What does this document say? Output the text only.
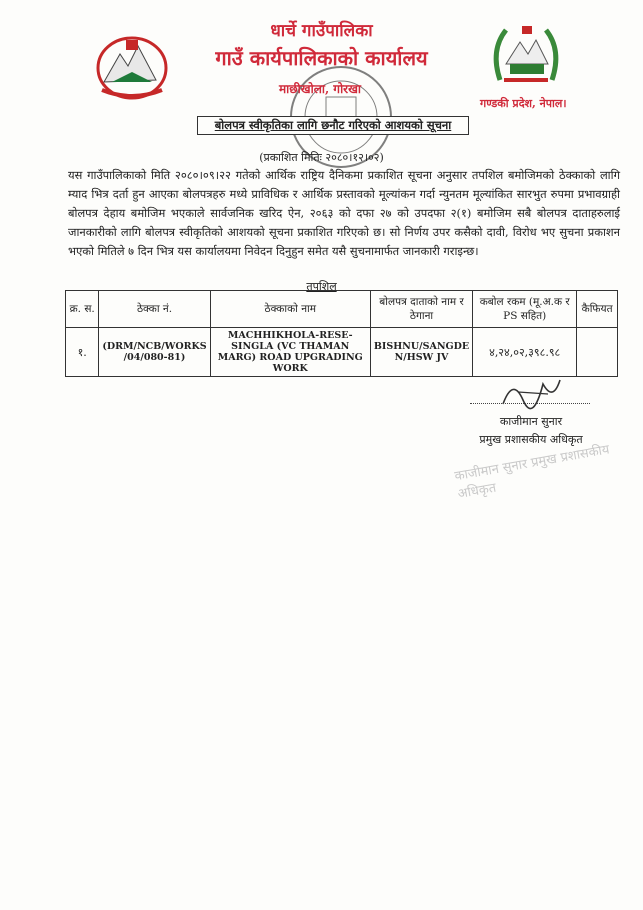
धार्चे गाउँपालिका
गाउँ कार्यपालिकाको कार्यालय
माछीखोला, गोरखा
गण्डकी प्रदेश, नेपाल।
बोलपत्र स्वीकृतिका लागि छनौट गरिएको आशयको सूचना
(प्रकाशित मितिः २०८०।१२।०२)
यस गाउँपालिकाको मिति २०८०।०९।२२ गतेको आर्थिक राष्ट्रिय दैनिकमा प्रकाशित सूचना अनुसार तपशिल बमोजिमको ठेक्काको लागि म्याद भित्र दर्ता हुन आएका बोलपत्रहरु मध्ये प्राविधिक र आर्थिक प्रस्तावको मूल्यांकन गर्दा न्युनतम मूल्यांकित सारभुत रुपमा प्रभावग्राही बोलपत्र देहाय बमोजिम भएकाले सार्वजनिक खरिद ऐन, २०६३ को दफा २७ को उपदफा २(१) बमोजिम सबै बोलपत्र दाताहरुलाई जानकारीको लागि बोलपत्र स्वीकृतिको आशयको सूचना प्रकाशित गरिएको छ। सो निर्णय उपर कसैको दावी, विरोध भए सुचना प्रकाशन भएको मितिले ७ दिन भित्र यस कार्यालयमा निवेदन दिनुहुन समेत यसै सुचनामार्फत जानकारी गराइन्छ।
तपशिल
क्र. स.	ठेक्का नं.	ठेक्काको नाम	बोलपत्र दाताको नाम र ठेगाना	कबोल रकम (मू.अ.क र PS सहित)	कैफियत
१.	(DRM/NCB/WORKS /04/080-81)	MACHHIKHOLA-RESE-SINGLA (VC THAMAN MARG) ROAD UPGRADING WORK	BISHNU/SANGDE N/HSW JV	४,२४,०२,३९८.९८	
काजीमान सुनार
प्रमुख प्रशासकीय अधिकृत
काजीमान सुनार प्रमुख प्रशासकीय अधिकृत
